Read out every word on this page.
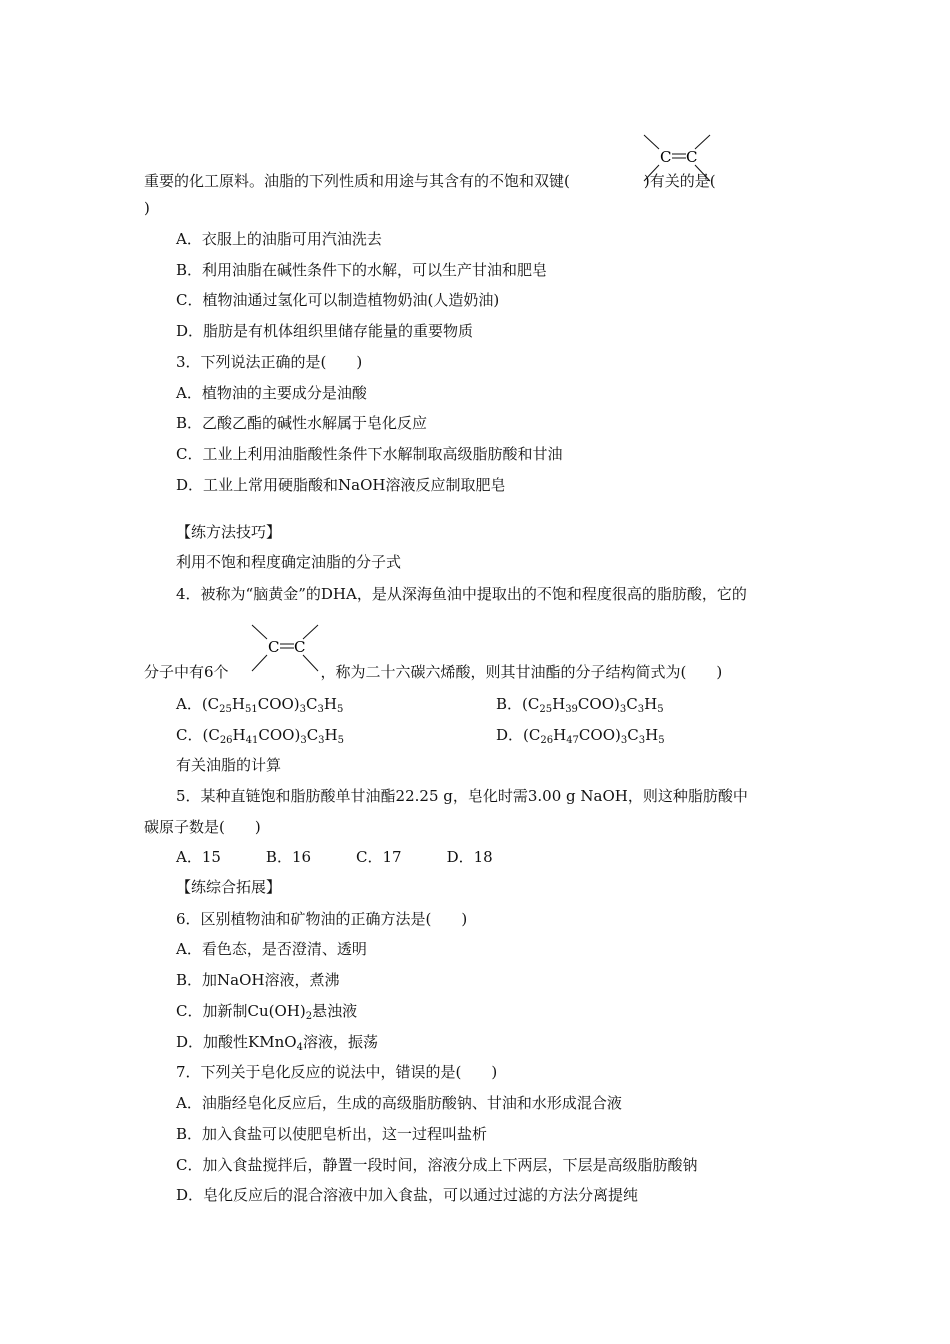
重要的化工原料。油脂的下列性质和用途与其含有的不饱和双键(	)有关的是(
C C
)
A．衣服上的油脂可用汽油洗去
B．利用油脂在碱性条件下的水解，可以生产甘油和肥皂
C．植物油通过氢化可以制造植物奶油(人造奶油)
D．脂肪是有机体组织里储存能量的重要物质
3．下列说法正确的是(　　)
A．植物油的主要成分是油酸
B．乙酸乙酯的碱性水解属于皂化反应
C．工业上利用油脂酸性条件下水解制取高级脂肪酸和甘油
D．工业上常用硬脂酸和NaOH溶液反应制取肥皂
【练方法技巧】
利用不饱和程度确定油脂的分子式
4．被称为“脑黄金”的DHA，是从深海鱼油中提取出的不饱和程度很高的脂肪酸，它的
分子中有6个	，称为二十六碳六烯酸，则其甘油酯的分子结构简式为(　　)
C C
A．$(C_{25}H_{51}COO)_3C_3H_5$	B．$(C_{25}H_{39}COO)_3C_3H_5$
C．$(C_{26}H_{41}COO)_3C_3H_5$	D．$(C_{26}H_{47}COO)_3C_3H_5$
有关油脂的计算
5．某种直链饱和脂肪酸单甘油酯22.25 g，皂化时需3.00 g NaOH，则这种脂肪酸中
碳原子数是(　　)
A．15　　　B．16　　　C．17　　　D．18
【练综合拓展】
6．区别植物油和矿物油的正确方法是(　　)
A．看色态，是否澄清、透明
B．加NaOH溶液，煮沸
C．加新制$Cu(OH)_2$悬浊液
D．加酸性KMnO$_4$溶液，振荡
7．下列关于皂化反应的说法中，错误的是(　　)
A．油脂经皂化反应后，生成的高级脂肪酸钠、甘油和水形成混合液
B．加入食盐可以使肥皂析出，这一过程叫盐析
C．加入食盐搅拌后，静置一段时间，溶液分成上下两层，下层是高级脂肪酸钠
D．皂化反应后的混合溶液中加入食盐，可以通过过滤的方法分离提纯
